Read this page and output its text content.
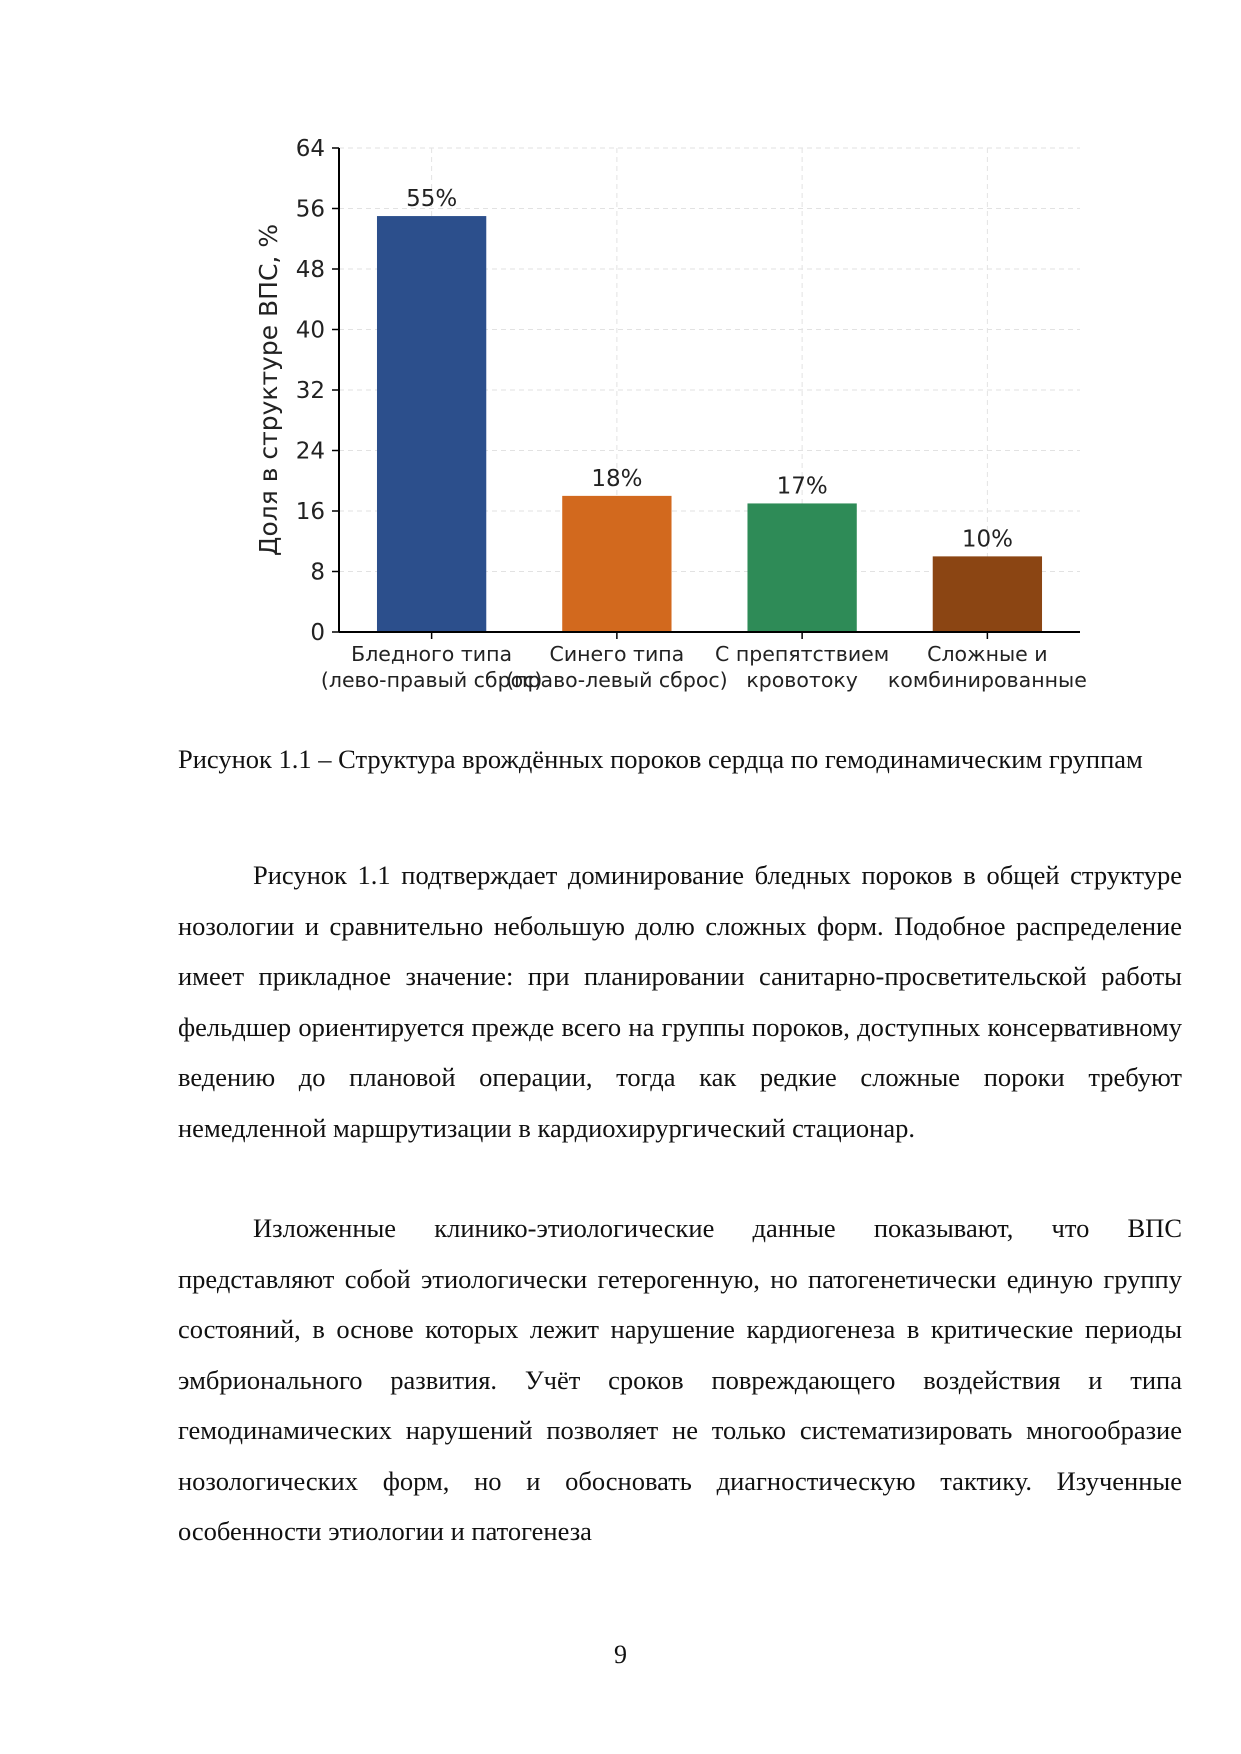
55%
18%	17%
10%
0
8
16
24
32
40
48
56
64
Бледного типа
(лево-правый сброс)
Синего типа
(право-левый сброс)
С препятствием
кровотоку
Сложные и
комбинированные
Доля в структуре ВПС, %

Рисунок 1.1 – Структура врождённых пороков сердца по гемодинамическим группам

Рисунок 1.1 подтверждает доминирование бледных пороков в общей структуре нозологии и сравнительно небольшую долю сложных форм. Подобное распределение имеет прикладное значение: при планировании санитарно-просветительской работы фельдшер ориентируется прежде всего на группы пороков, доступных консервативному ведению до плановой операции, тогда как редкие сложные пороки требуют немедленной маршрутизации в кардиохирургический стационар.

Изложенные клинико-этиологические данные показывают, что ВПС представляют собой этиологически гетерогенную, но патогенетически единую группу состояний, в основе которых лежит нарушение кардиогенеза в критические периоды эмбрионального развития. Учёт сроков повреждающего воздействия и типа гемодинамических нарушений позволяет не только систематизировать многообразие нозологических форм, но и обосновать диагностическую тактику. Изученные особенности этиологии и патогенеза

9
